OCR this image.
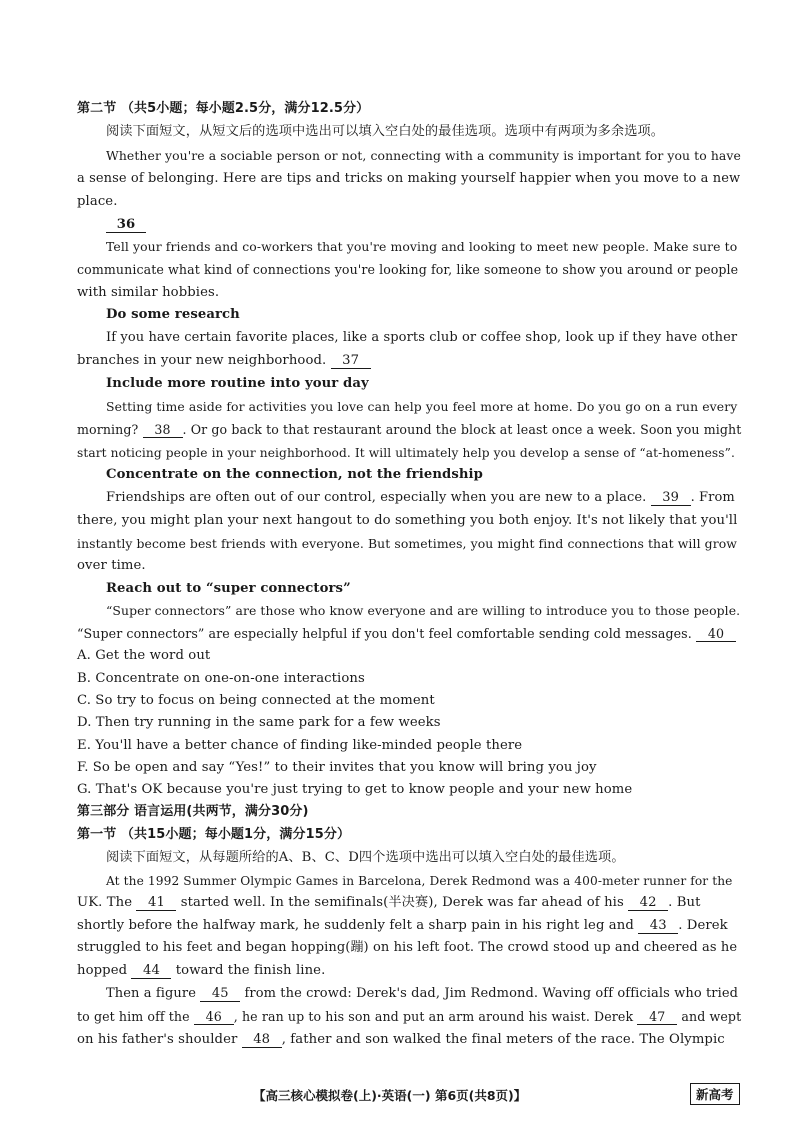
第二节 （共5小题；每小题2.5分，满分12.5分）
阅读下面短文，从短文后的选项中选出可以填入空白处的最佳选项。选项中有两项为多余选项。
Whether you're a sociable person or not, connecting with a community is important for you to have
a sense of belonging. Here are tips and tricks on making yourself happier when you move to a new
place.
36
Tell your friends and co-workers that you're moving and looking to meet new people. Make sure to
communicate what kind of connections you're looking for, like someone to show you around or people
with similar hobbies.
Do some research
If you have certain favorite places, like a sports club or coffee shop, look up if they have other
branches in your new neighborhood. 37
Include more routine into your day
Setting time aside for activities you love can help you feel more at home. Do you go on a run every
morning? 38 . Or go back to that restaurant around the block at least once a week. Soon you might
start noticing people in your neighborhood. It will ultimately help you develop a sense of “at-homeness”.
Concentrate on the connection, not the friendship
Friendships are often out of our control, especially when you are new to a place. 39 . From
there, you might plan your next hangout to do something you both enjoy. It's not likely that you'll
instantly become best friends with everyone. But sometimes, you might find connections that will grow
over time.
Reach out to “super connectors”
“Super connectors” are those who know everyone and are willing to introduce you to those people.
“Super connectors” are especially helpful if you don't feel comfortable sending cold messages. 40
A. Get the word out
B. Concentrate on one-on-one interactions
C. So try to focus on being connected at the moment
D. Then try running in the same park for a few weeks
E. You'll have a better chance of finding like-minded people there
F. So be open and say “Yes!” to their invites that you know will bring you joy
G. That's OK because you're just trying to get to know people and your new home
第三部分 语言运用(共两节，满分30分)
第一节 （共15小题；每小题1分，满分15分）
阅读下面短文，从每题所给的A、B、C、D四个选项中选出可以填入空白处的最佳选项。
At the 1992 Summer Olympic Games in Barcelona, Derek Redmond was a 400-meter runner for the
UK. The 41 started well. In the semifinals(半决赛), Derek was far ahead of his 42 . But
shortly before the halfway mark, he suddenly felt a sharp pain in his right leg and 43 . Derek
struggled to his feet and began hopping(蹦) on his left foot. The crowd stood up and cheered as he
hopped 44 toward the finish line.
Then a figure 45 from the crowd: Derek's dad, Jim Redmond. Waving off officials who tried
to get him off the 46 , he ran up to his son and put an arm around his waist. Derek 47 and wept
on his father's shoulder 48 , father and son walked the final meters of the race. The Olympic
【高三核心模拟卷(上)·英语(一) 第6页(共8页)】	新高考
